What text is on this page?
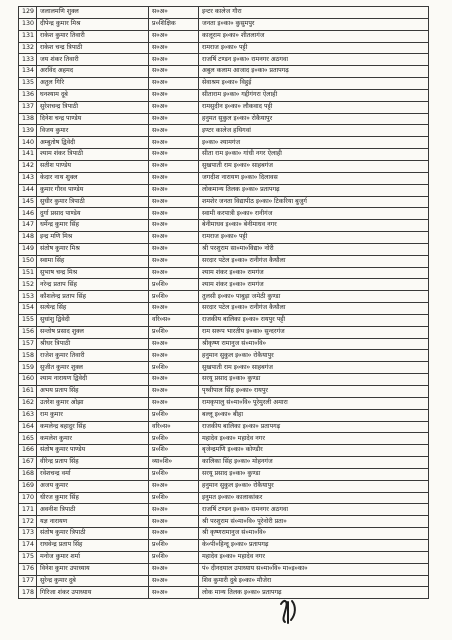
129	जलालमणि शुक्ल	स०अ०	इन्टर कालेज गौरा
130	दीपेन्द्र कुमार मिश्र	प्र०शिक्षिक	जनता इ०का० कुसुमपुर
131	राकेश कुमार तिवारी	स०अ०	कालूराम इ०का० शीतलागंज
132	राकेश चन्द्र त्रिपाठी	स०अ०	रामराज इ०का० पट्टी
133	जय शंकर तिवारी	स०अ०	राजर्षि टण्डन इ०का० रामनगर अठगवा
134	अरविंद अहमद	स०अ०	अबुल कलाम आजाद इ०का० प्रतापगढ़
135	अतुल गिरि	स०अ०	सेवाश्रम इ०का० विहुई
136	घनश्याम दूबे	स०अ०	सीताराम इ०का० गद्दीगंगरा ऐलाही
137	सुरेशचन्द्र त्रिपाठी	स०अ०	रामसुदीन इ०का० लौकवाद पट्टी
138	दिनेश चन्द्र पाण्डेय	स०अ०	हनुमत सुकुल इ०का० रोकैयापुर
139	विजय कुमार	स०अ०	इण्टर कालेज हथिगवां
140	अम्बुतोष द्विवेदी	स०अ०	इ०का० श्यामगंज
141	श्याम शंकर त्रिपाठी	स०अ०	सीता राम इ०का० गांधी नगर ऐलाही
142	सतीश पाण्डेय	स०अ०	सुखपाती राम इ०का० साहबगंज
143	केदार नाथ शुक्ल	स०अ०	जगदीश नारायण इ०का० दिलावस
144	कुमार गौरव पाण्डेय	स०अ०	लोकमान्य तिलक इ०का० प्रतापगढ़
145	सुधीर कुमार त्रिपाठी	स०अ०	शमशेर जनता विद्यापीठ इ०का० टिकरिया बुजुर्ग
146	दुर्गा प्रसाद पाण्डेय	स०अ०	स्वामी करपात्री इ०का० रानीगंज
147	धर्मेन्द्र कुमार सिंह	स०अ०	बेनीमाधव इ०का० बेनीमाधव नगर
148	इन्द्र मणि मिश्र	स०अ०	रामराज इ०का० पट्टी
149	संतोष कुमार मिश्र	स०अ०	श्री परशुराम सा०मा०विद्या० नोरी
150	स्वामा सिंह	स०अ०	सरदार पटेल इ०का० रानीगंज कैथौला
151	सुभाष चन्द्र मिश्र	स०अ०	श्याम शंकर इ०का० रामगंज
152	नरेन्द्र प्रताप सिंह	प्र०शि०	श्याम शंकर इ०का० रामगंज
153	कौशलेन्द्र प्रताप सिंह	प्र०शि०	तुलसी इ०का० पाबुड़ा जमेठी कुण्डा
154	सत्येन्द्र सिंह	स०अ०	सरदार पटेल इ०का० रानीगंज कैथौला
155	सुधांशु द्विवेदी	वरि०स०	राजकीय बालिका इ०का० रायपुर पट्टी
156	सन्तोष प्रसाद शुक्ल	प्र०शि०	राम सरूप भारतीय इ०का० सुन्दरगंज
157	श्रीधर त्रिपाठी	स०अ०	श्रीकृष्ण रामानुज सं०मा०वि०
158	राजेश कुमार तिवारी	स०अ०	हनुमान सुकुल इ०का० रोकैयापुर
159	सुजीत कुमार शुक्ल	प्र०शि०	सुखपाती राम इ०का० साहबगंज
160	श्याम नारायण द्विवेदी	स०अ०	सरयू प्रसाद इ०का० कुण्डा
161	अभय प्रताप सिंह	स०अ०	पृथ्वीपाल सिंह इ०का० रायपुर
162	उतरेश कुमार ओझा	स०अ०	रामकृपालु सं०मा०वि० पूरेमुरली अमारा
163	राम कुमार	प्र०शि०	बल्लू इ०का० बीहा
164	कमलेन्द्र बहादुर सिंह	वरि०स०	राजकीय बालिका इ०का० प्रतापगढ़
165	कमलेश कुमार	प्र०शि०	महादेव इ०का० महादेव नगर
166	संतोष कुमार पाण्डेय	प्र०शि०	बृजेन्द्रमणि इ०का० कोण्डौर
167	वीरेन्द्र प्रताप सिंह	व्या०शि०	कालिका सिंह इ०का० मोहनगंज
168	रवेशचन्द्र वर्मा	प्र०शि०	सरयू प्रसाद इ०का० कुण्डा
169	अजय कुमार	स०अ०	हनुमान सुकुल इ०का० रोकैयापुर
170	धीरज कुमार सिंह	प्र०शि०	इनुमत इ०का० कालाकांकर
171	अवनीश त्रिपाठी	स०अ०	राजर्षि टण्डन इ०का० रामनगर अठगवा
172	यज्ञ नारायण	स०अ०	श्री परशुराम सं०मा०वि० पूरेनोरी प्रता०
173	संतोष कुमार त्रिपाठी	स०अ०	श्री कृष्णरामानुज सं०मा०वि०
174	राघवेन्द्र प्रताप सिंह	प्र०शि०	के०पी०हिन्दू इ०का० प्रतापगढ़
175	मनोज कुमार शर्मा	प्र०शि०	महादेव इ०का० महादेव नगर
176	विनेश कुमार उपाध्याय	स०अ०	पं० दीनदयाल उपाध्याय स०मा०वि० मा०इ०का०
177	सुरेन्द्र कुमार दुबे	स०अ०	शिव कुमारी दुबे इ०का० मौजेरा
178	गिरिजा शंकर उपाध्याय	स०अ०	लोक मान्य तिलक इ०का० प्रतापगढ़
